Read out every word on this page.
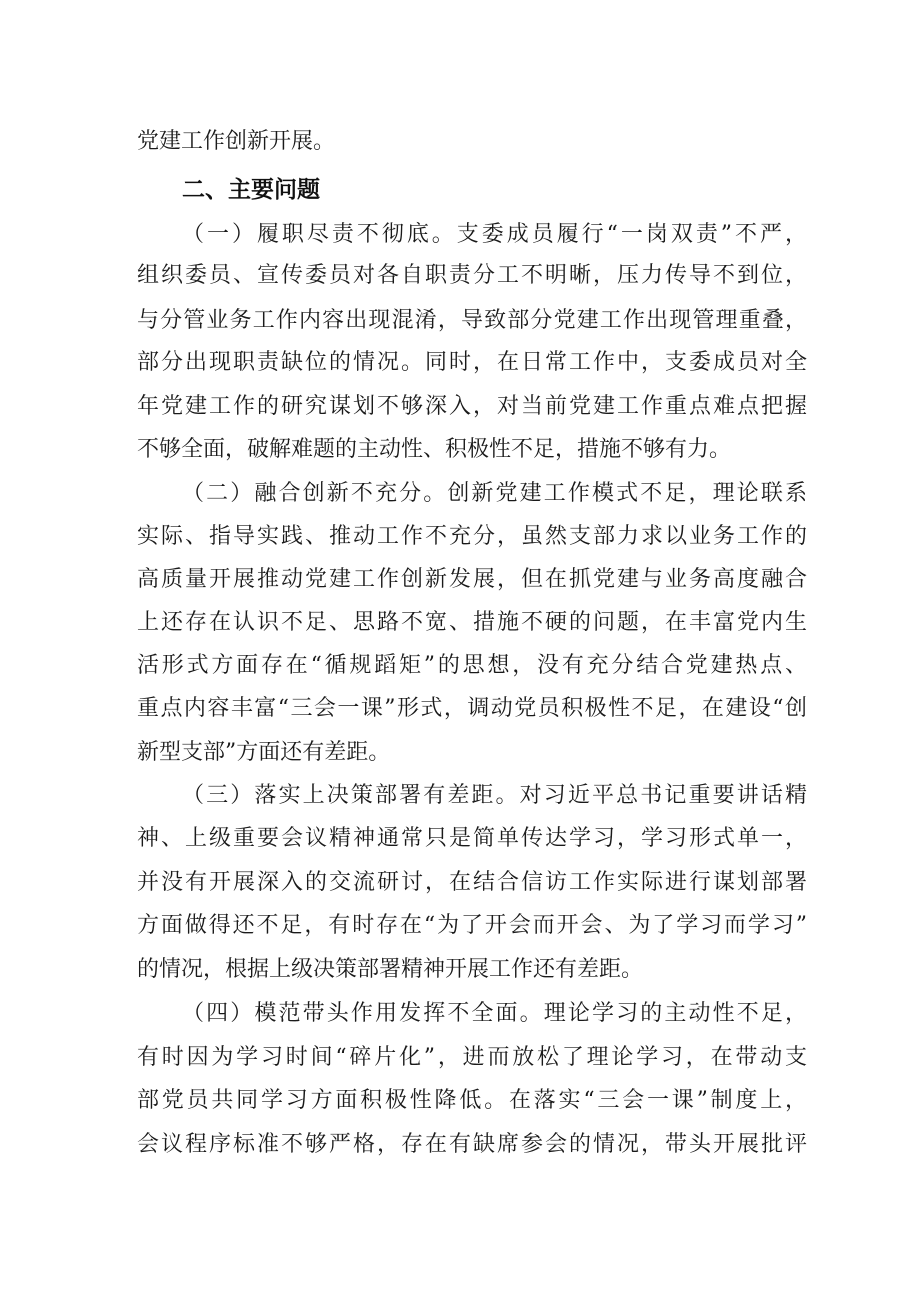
党建工作创新开展。

二、主要问题

（一）履职尽责不彻底。支委成员履行“一岗双责”不严，

组织委员、宣传委员对各自职责分工不明晰，压力传导不到位，

与分管业务工作内容出现混淆，导致部分党建工作出现管理重叠，

部分出现职责缺位的情况。同时，在日常工作中，支委成员对全

年党建工作的研究谋划不够深入，对当前党建工作重点难点把握

不够全面，破解难题的主动性、积极性不足，措施不够有力。

（二）融合创新不充分。创新党建工作模式不足，理论联系

实际、指导实践、推动工作不充分，虽然支部力求以业务工作的

高质量开展推动党建工作创新发展，但在抓党建与业务高度融合

上还存在认识不足、思路不宽、措施不硬的问题，在丰富党内生

活形式方面存在“循规蹈矩”的思想，没有充分结合党建热点、

重点内容丰富“三会一课”形式，调动党员积极性不足，在建设“创

新型支部”方面还有差距。

（三）落实上决策部署有差距。对习近平总书记重要讲话精

神、上级重要会议精神通常只是简单传达学习，学习形式单一，

并没有开展深入的交流研讨，在结合信访工作实际进行谋划部署

方面做得还不足，有时存在“为了开会而开会、为了学习而学习”

的情况，根据上级决策部署精神开展工作还有差距。

（四）模范带头作用发挥不全面。理论学习的主动性不足，

有时因为学习时间“碎片化”，进而放松了理论学习，在带动支

部党员共同学习方面积极性降低。在落实“三会一课”制度上，

会议程序标准不够严格，存在有缺席参会的情况，带头开展批评
